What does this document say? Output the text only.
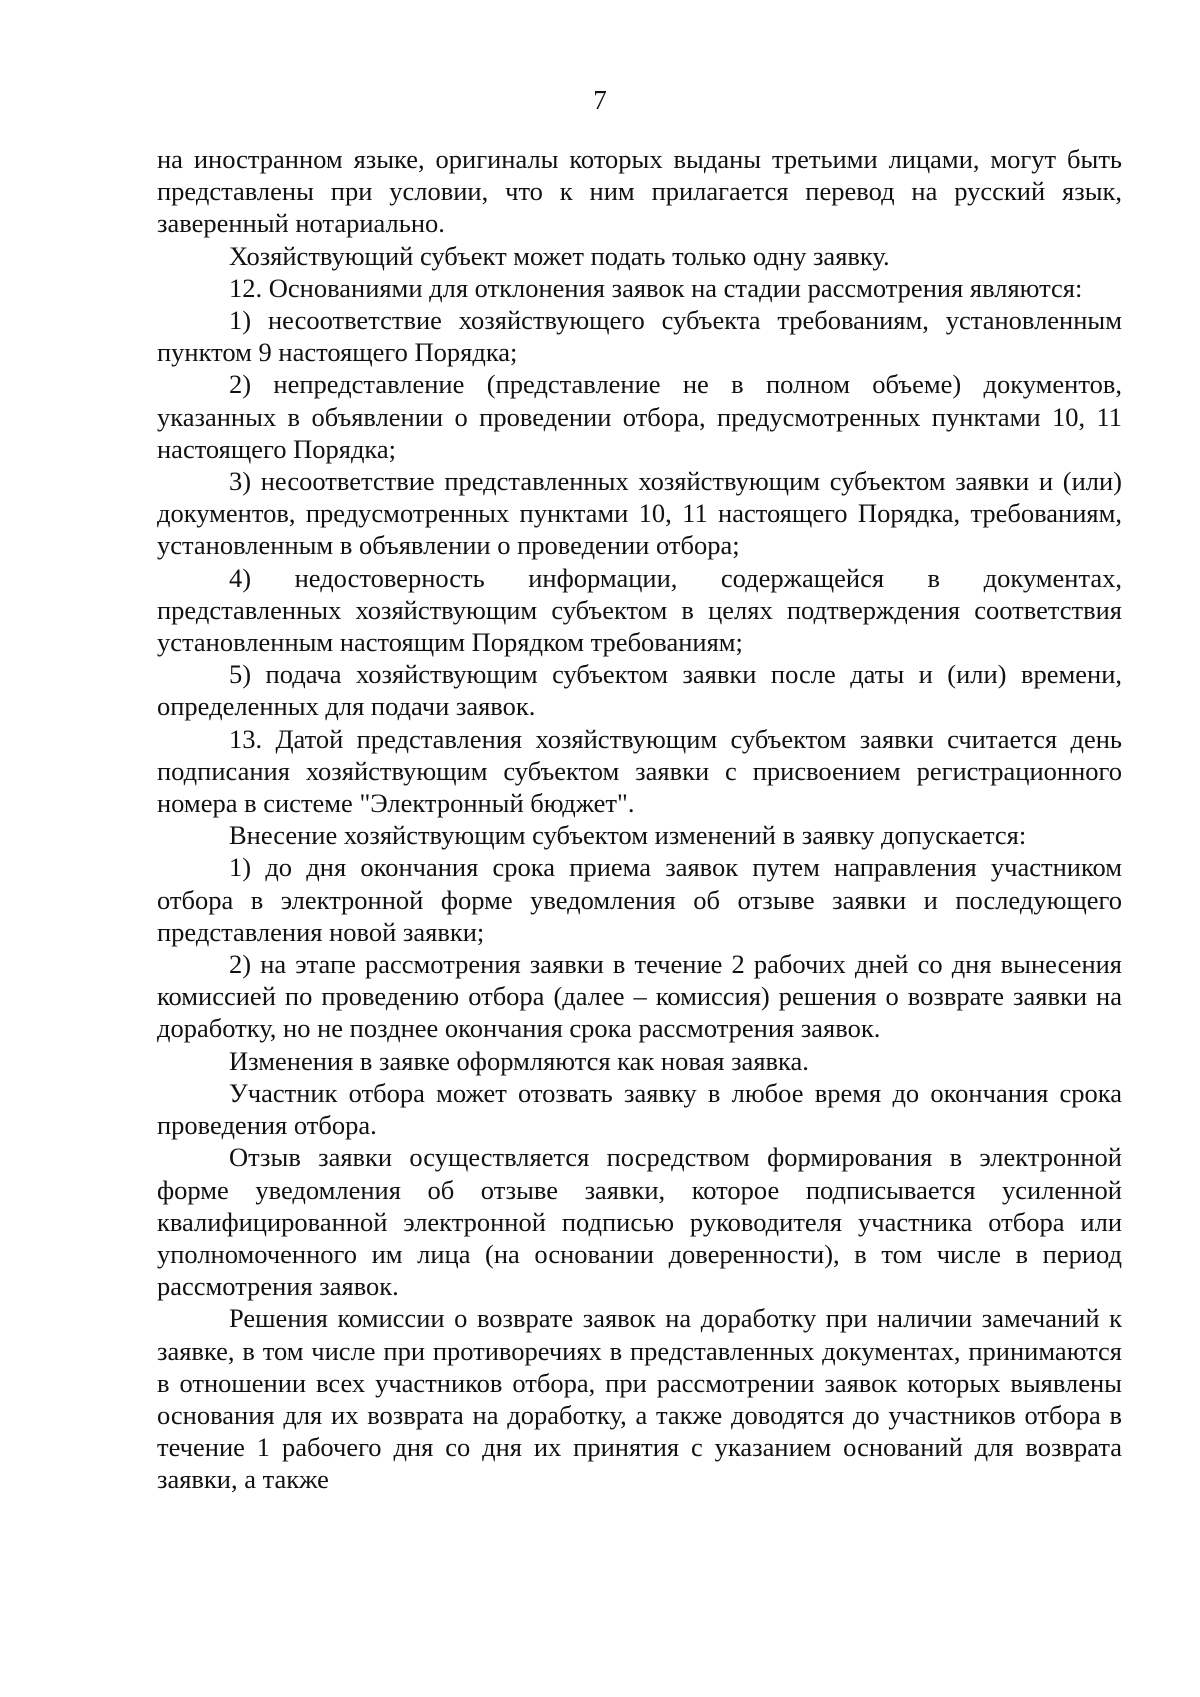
7

на иностранном языке, оригиналы которых выданы третьими лицами, могут быть представлены при условии, что к ним прилагается перевод на русский язык, заверенный нотариально.

Хозяйствующий субъект может подать только одну заявку.

12. Основаниями для отклонения заявок на стадии рассмотрения являются:

1) несоответствие хозяйствующего субъекта требованиям, установленным пунктом 9 настоящего Порядка;

2) непредставление (представление не в полном объеме) документов, указанных в объявлении о проведении отбора, предусмотренных пунктами 10, 11 настоящего Порядка;

3) несоответствие представленных хозяйствующим субъектом заявки и (или) документов, предусмотренных пунктами 10, 11 настоящего Порядка, требованиям, установленным в объявлении о проведении отбора;

4) недостоверность информации, содержащейся в документах, представленных хозяйствующим субъектом в целях подтверждения соответствия установленным настоящим Порядком требованиям;

5) подача хозяйствующим субъектом заявки после даты и (или) времени, определенных для подачи заявок.

13. Датой представления хозяйствующим субъектом заявки считается день подписания хозяйствующим субъектом заявки с присвоением регистрационного номера в системе "Электронный бюджет".

Внесение хозяйствующим субъектом изменений в заявку допускается:

1) до дня окончания срока приема заявок путем направления участником отбора в электронной форме уведомления об отзыве заявки и последующего представления новой заявки;

2) на этапе рассмотрения заявки в течение 2 рабочих дней со дня вынесения комиссией по проведению отбора (далее – комиссия) решения о возврате заявки на доработку, но не позднее окончания срока рассмотрения заявок.

Изменения в заявке оформляются как новая заявка.

Участник отбора может отозвать заявку в любое время до окончания срока проведения отбора.

Отзыв заявки осуществляется посредством формирования в электронной форме уведомления об отзыве заявки, которое подписывается усиленной квалифицированной электронной подписью руководителя участника отбора или уполномоченного им лица (на основании доверенности), в том числе в период рассмотрения заявок.

Решения комиссии о возврате заявок на доработку при наличии замечаний к заявке, в том числе при противоречиях в представленных документах, принимаются в отношении всех участников отбора, при рассмотрении заявок которых выявлены основания для их возврата на доработку, а также доводятся до участников отбора в течение 1 рабочего дня со дня их принятия с указанием оснований для возврата заявки, а также
